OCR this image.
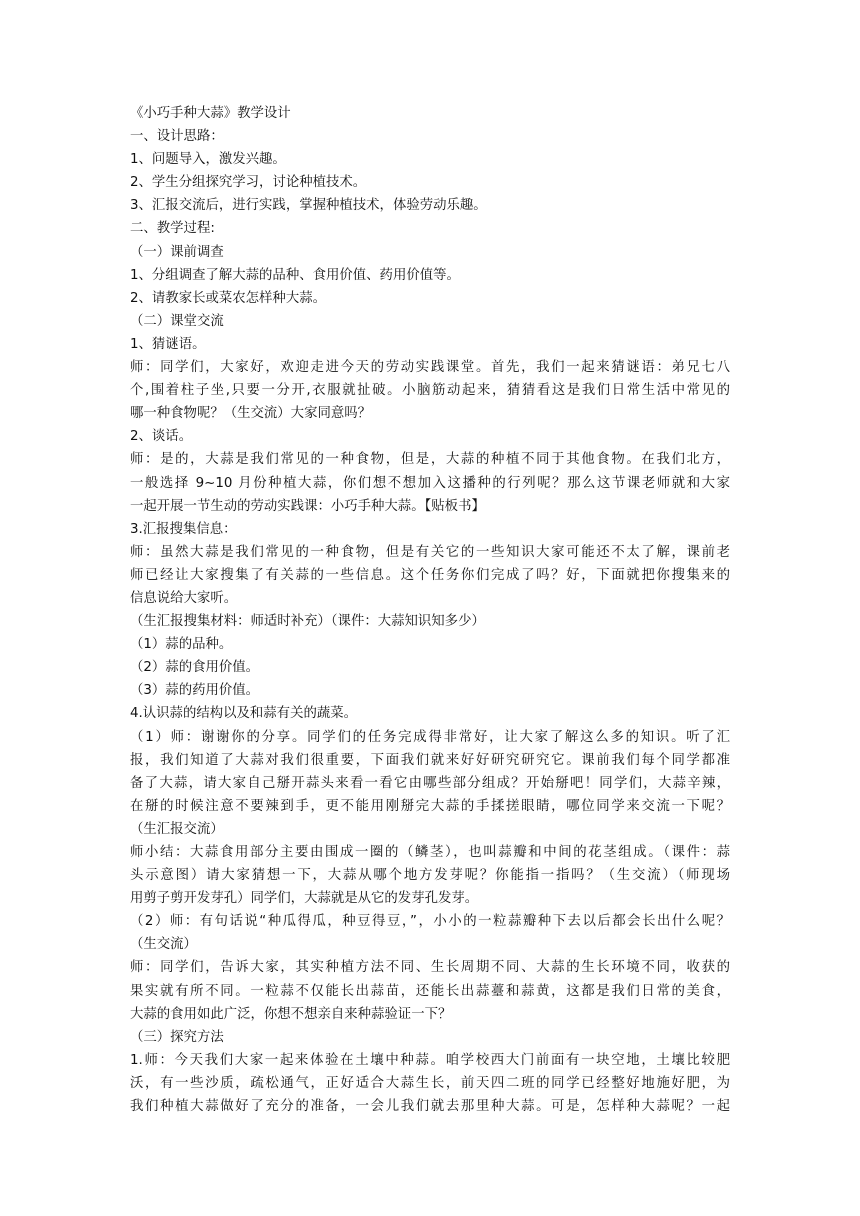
《小巧手种大蒜》教学设计
一、设计思路：
1、问题导入，激发兴趣。
2、学生分组探究学习，讨论种植技术。
3、汇报交流后，进行实践，掌握种植技术，体验劳动乐趣。
二、教学过程:
（一）课前调查
1、分组调查了解大蒜的品种、食用价值、药用价值等。
2、请教家长或菜农怎样种大蒜。
（二）课堂交流
1、猜谜语。
师：同学们，大家好，欢迎走进今天的劳动实践课堂。首先，我们一起来猜谜语：弟兄七八
个,围着柱子坐,只要一分开,衣服就扯破。小脑筋动起来，猜猜看这是我们日常生活中常见的
哪一种食物呢？（生交流）大家同意吗？
2、谈话。
师：是的，大蒜是我们常见的一种食物，但是，大蒜的种植不同于其他食物。在我们北方，
一般选择 9~10 月份种植大蒜，你们想不想加入这播种的行列呢？那么这节课老师就和大家
一起开展一节生动的劳动实践课：小巧手种大蒜。【贴板书】
3.汇报搜集信息：
师：虽然大蒜是我们常见的一种食物，但是有关它的一些知识大家可能还不太了解，课前老
师已经让大家搜集了有关蒜的一些信息。这个任务你们完成了吗？好，下面就把你搜集来的
信息说给大家听。
（生汇报搜集材料：师适时补充）（课件：大蒜知识知多少）
（1）蒜的品种。
（2）蒜的食用价值。
（3）蒜的药用价值。
4.认识蒜的结构以及和蒜有关的蔬菜。
（1）师：谢谢你的分享。同学们的任务完成得非常好，让大家了解这么多的知识。听了汇
报，我们知道了大蒜对我们很重要，下面我们就来好好研究研究它。课前我们每个同学都准
备了大蒜，请大家自己掰开蒜头来看一看它由哪些部分组成？开始掰吧！同学们，大蒜辛辣，
在掰的时候注意不要辣到手，更不能用刚掰完大蒜的手揉搓眼睛，哪位同学来交流一下呢？
（生汇报交流）
师小结：大蒜食用部分主要由围成一圈的（鳞茎），也叫蒜瓣和中间的花茎组成。（课件：蒜
头示意图）请大家猜想一下，大蒜从哪个地方发芽呢？你能指一指吗？（生交流）（师现场
用剪子剪开发芽孔）同学们，大蒜就是从它的发芽孔发芽。
（2）师：有句话说“种瓜得瓜，种豆得豆，”，小小的一粒蒜瓣种下去以后都会长出什么呢？
（生交流）
师：同学们，告诉大家，其实种植方法不同、生长周期不同、大蒜的生长环境不同，收获的
果实就有所不同。一粒蒜不仅能长出蒜苗，还能长出蒜薹和蒜黄，这都是我们日常的美食，
大蒜的食用如此广泛，你想不想亲自来种蒜验证一下？
（三）探究方法
1.师：今天我们大家一起来体验在土壤中种蒜。咱学校西大门前面有一块空地，土壤比较肥
沃，有一些沙质，疏松通气，正好适合大蒜生长，前天四二班的同学已经整好地施好肥，为
我们种植大蒜做好了充分的准备，一会儿我们就去那里种大蒜。可是，怎样种大蒜呢？一起
